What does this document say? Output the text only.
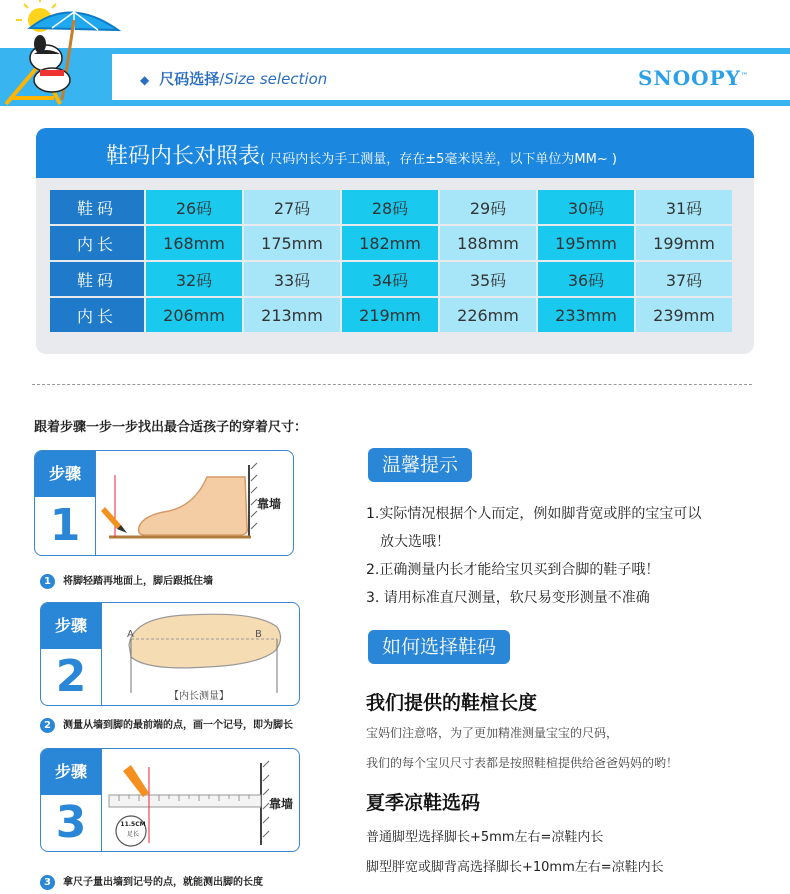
◆ 尺码选择/Size selection	SNOOPY™
鞋码内长对照表( 尺码内长为手工测量，存在±5毫米误差，以下单位为MM~ )
鞋码	26码	27码	28码	29码	30码	31码
内长	168mm	175mm	182mm	188mm	195mm	199mm
鞋码	32码	33码	34码	35码	36码	37码
内长	206mm	213mm	219mm	226mm	233mm	239mm
跟着步骤一步一步找出最合适孩子的穿着尺寸：
步骤
1	靠墙
1 将脚轻踏再地面上，脚后跟抵住墙
步骤
2
A	B
【内长测量】
2 测量从墙到脚的最前端的点，画一个记号，即为脚长
步骤
3	11.5CM
足长
靠墙
3 拿尺子量出墙到记号的点，就能测出脚的长度
温馨提示
1.实际情况根据个人而定，例如脚背宽或胖的宝宝可以
放大选哦！
2.正确测量内长才能给宝贝买到合脚的鞋子哦！
3. 请用标准直尺测量，软尺易变形测量不准确
如何选择鞋码
我们提供的鞋楦长度
宝妈们注意咯，为了更加精准测量宝宝的尺码，
我们的每个宝贝尺寸表都是按照鞋楦提供给爸爸妈妈的哟！
夏季凉鞋选码
普通脚型选择脚长+5mm左右=凉鞋内长
脚型胖宽或脚背高选择脚长+10mm左右=凉鞋内长
